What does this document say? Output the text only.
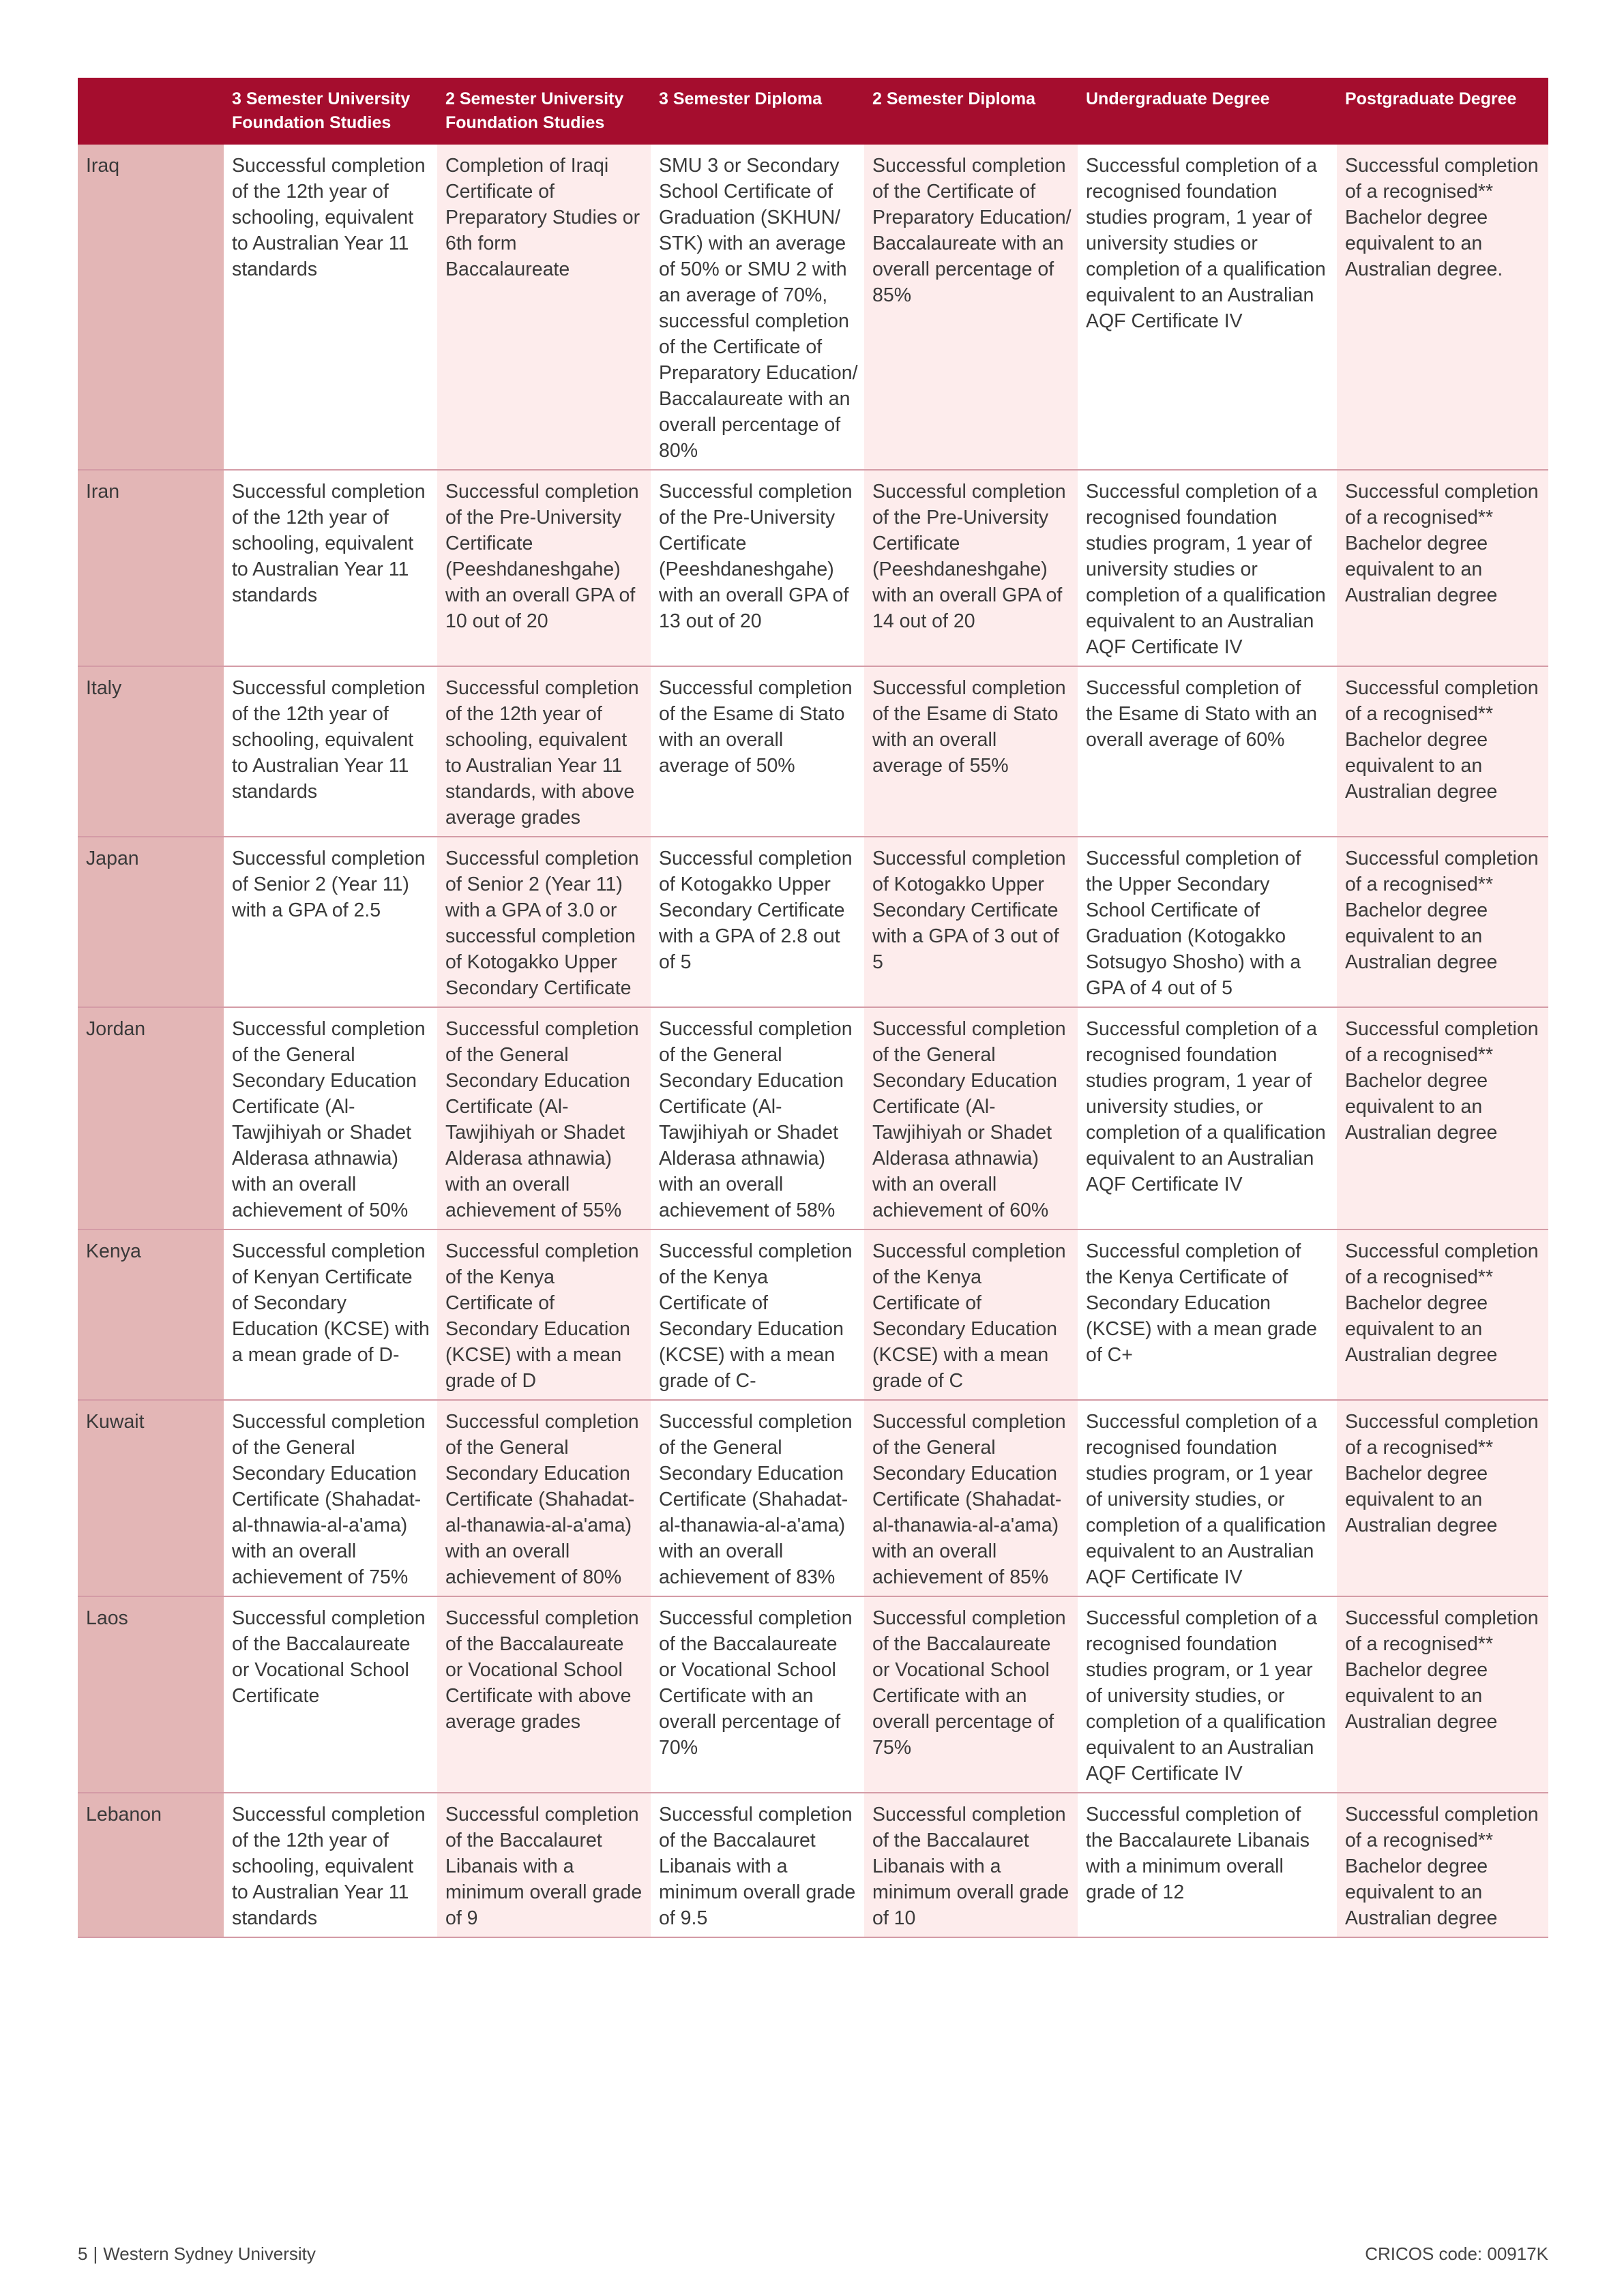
	3 Semester University Foundation Studies	2 Semester University Foundation Studies	3 Semester Diploma	2 Semester Diploma	Undergraduate Degree	Postgraduate Degree
Iraq	Successful completion of the 12th year of schooling, equivalent to Australian Year 11 standards	Completion of Iraqi Certificate of Preparatory Studies or 6th form Baccalaureate	SMU 3 or Secondary School Certificate of Graduation (SKHUN/ STK) with an average of 50% or SMU 2 with an average of 70%, successful completion of the Certificate of Preparatory Education/ Baccalaureate with an overall percentage of 80%	Successful completion of the Certificate of Preparatory Education/ Baccalaureate with an overall percentage of 85%	Successful completion of a recognised foundation studies program, 1 year of university studies or completion of a qualification equivalent to an Australian AQF Certificate IV	Successful completion of a recognised** Bachelor degree equivalent to an Australian degree.
Iran	Successful completion of the 12th year of schooling, equivalent to Australian Year 11 standards	Successful completion of the Pre-University Certificate (Peeshdaneshgahe) with an overall GPA of 10 out of 20	Successful completion of the Pre-University Certificate (Peeshdaneshgahe) with an overall GPA of 13 out of 20	Successful completion of the Pre-University Certificate (Peeshdaneshgahe) with an overall GPA of 14 out of 20	Successful completion of a recognised foundation studies program, 1 year of university studies or completion of a qualification equivalent to an Australian AQF Certificate IV	Successful completion of a recognised** Bachelor degree equivalent to an Australian degree
Italy	Successful completion of the 12th year of schooling, equivalent to Australian Year 11 standards	Successful completion of the 12th year of schooling, equivalent to Australian Year 11 standards, with above average grades	Successful completion of the Esame di Stato with an overall average of 50%	Successful completion of the Esame di Stato with an overall average of 55%	Successful completion of the Esame di Stato with an overall average of 60%	Successful completion of a recognised** Bachelor degree equivalent to an Australian degree
Japan	Successful completion of Senior 2 (Year 11) with a GPA of 2.5	Successful completion of Senior 2 (Year 11) with a GPA of 3.0 or successful completion of Kotogakko Upper Secondary Certificate	Successful completion of Kotogakko Upper Secondary Certificate with a GPA of 2.8 out of 5	Successful completion of Kotogakko Upper Secondary Certificate with a GPA of 3 out of 5	Successful completion of the Upper Secondary School Certificate of Graduation (Kotogakko Sotsugyo Shosho) with a GPA of 4 out of 5	Successful completion of a recognised** Bachelor degree equivalent to an Australian degree
Jordan	Successful completion of the General Secondary Education Certificate (Al-Tawjihiyah or Shadet Alderasa athnawia) with an overall achievement of 50%	Successful completion of the General Secondary Education Certificate (Al-Tawjihiyah or Shadet Alderasa athnawia) with an overall achievement of 55%	Successful completion of the General Secondary Education Certificate (Al-Tawjihiyah or Shadet Alderasa athnawia) with an overall achievement of 58%	Successful completion of the General Secondary Education Certificate (Al-Tawjihiyah or Shadet Alderasa athnawia) with an overall achievement of 60%	Successful completion of a recognised foundation studies program, 1 year of university studies, or completion of a qualification equivalent to an Australian AQF Certificate IV	Successful completion of a recognised** Bachelor degree equivalent to an Australian degree
Kenya	Successful completion of Kenyan Certificate of Secondary Education (KCSE) with a mean grade of D-	Successful completion of the Kenya Certificate of Secondary Education (KCSE) with a mean grade of D	Successful completion of the Kenya Certificate of Secondary Education (KCSE) with a mean grade of C-	Successful completion of the Kenya Certificate of Secondary Education (KCSE) with a mean grade of C	Successful completion of the Kenya Certificate of Secondary Education (KCSE) with a mean grade of C+	Successful completion of a recognised** Bachelor degree equivalent to an Australian degree
Kuwait	Successful completion of the General Secondary Education Certificate (Shahadat-al-thnawia-al-a'ama) with an overall achievement of 75%	Successful completion of the General Secondary Education Certificate (Shahadat-al-thanawia-al-a'ama) with an overall achievement of 80%	Successful completion of the General Secondary Education Certificate (Shahadat-al-thanawia-al-a'ama) with an overall achievement of 83%	Successful completion of the General Secondary Education Certificate (Shahadat-al-thanawia-al-a'ama) with an overall achievement of 85%	Successful completion of a recognised foundation studies program, or 1 year of university studies, or completion of a qualification equivalent to an Australian AQF Certificate IV	Successful completion of a recognised** Bachelor degree equivalent to an Australian degree
Laos	Successful completion of the Baccalaureate or Vocational School Certificate	Successful completion of the Baccalaureate or Vocational School Certificate with above average grades	Successful completion of the Baccalaureate or Vocational School Certificate with an overall percentage of 70%	Successful completion of the Baccalaureate or Vocational School Certificate with an overall percentage of 75%	Successful completion of a recognised foundation studies program, or 1 year of university studies, or completion of a qualification equivalent to an Australian AQF Certificate IV	Successful completion of a recognised** Bachelor degree equivalent to an Australian degree
Lebanon	Successful completion of the 12th year of schooling, equivalent to Australian Year 11 standards	Successful completion of the Baccalauret Libanais with a minimum overall grade of 9	Successful completion of the Baccalauret Libanais with a minimum overall grade of 9.5	Successful completion of the Baccalauret Libanais with a minimum overall grade of 10	Successful completion of the Baccalaurete Libanais with a minimum overall grade of 12	Successful completion of a recognised** Bachelor degree equivalent to an Australian degree
5 | Western Sydney University	CRICOS code: 00917K
